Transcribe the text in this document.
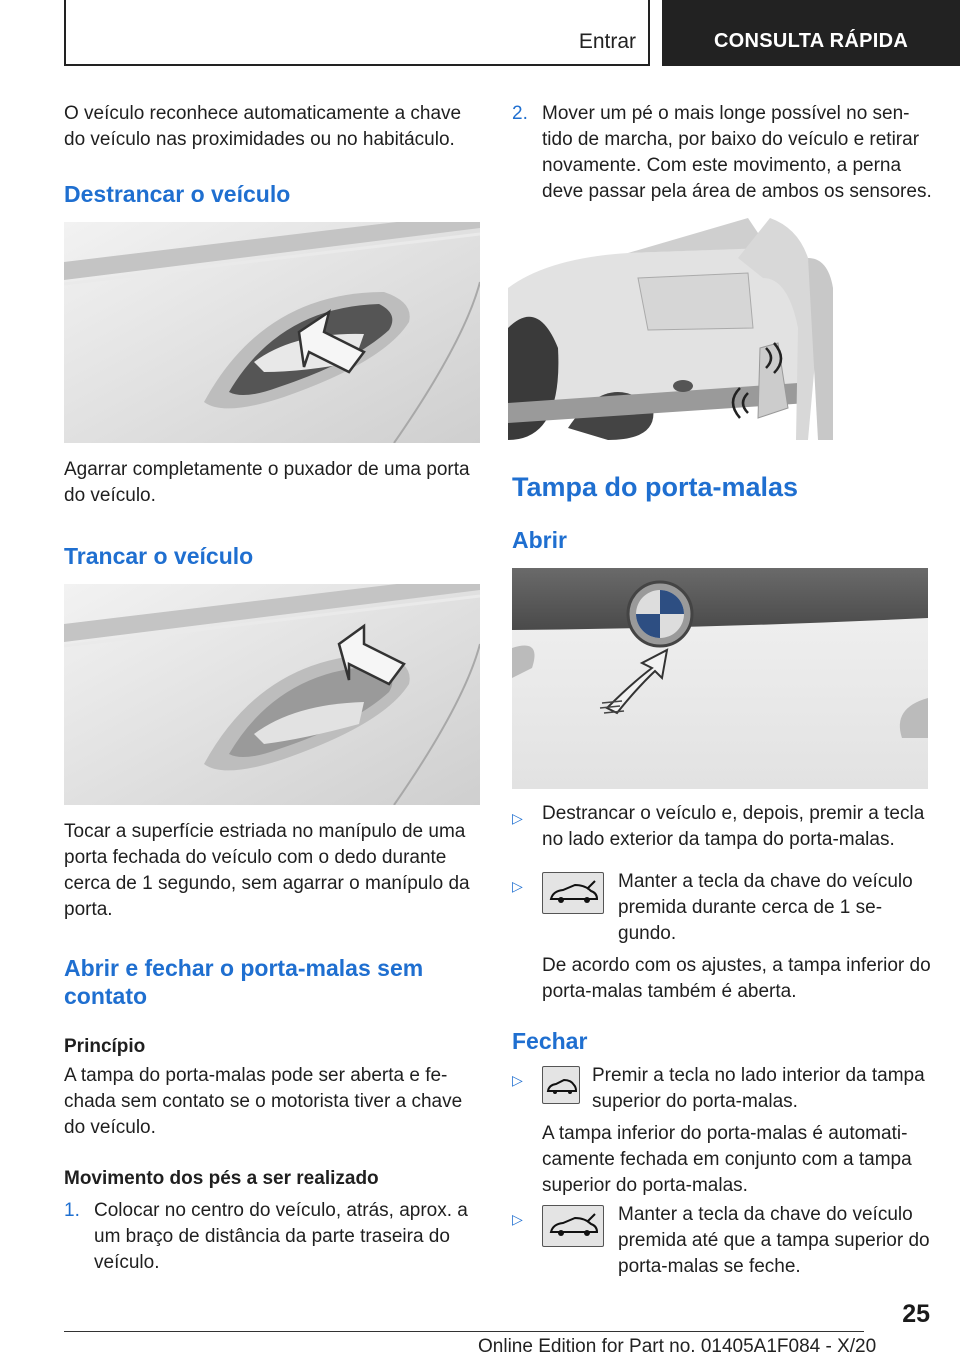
Entrar	CONSULTA RÁPIDA
O veículo reconhece automaticamente a chave do veículo nas proximidades ou no habitáculo.
Destrancar o veículo
Agarrar completamente o puxador de uma porta do veículo.
Trancar o veículo
Tocar a superfície estriada no manípulo de uma porta fechada do veículo com o dedo durante cerca de 1 segundo, sem agarrar o manípulo da porta.
Abrir e fechar o porta-malas sem contato
Princípio
A tampa do porta-malas pode ser aberta e fe-chada sem contato se o motorista tiver a chave do veículo.
Movimento dos pés a ser realizado
1. Colocar no centro do veículo, atrás, aprox. a um braço de distância da parte traseira do veículo.
2. Mover um pé o mais longe possível no sen-tido de marcha, por baixo do veículo e retirar novamente. Com este movimento, a perna deve passar pela área de ambos os sensores.
Tampa do porta-malas
Abrir
▷ Destrancar o veículo e, depois, premir a tecla no lado exterior da tampa do porta-malas.
▷	Manter a tecla da chave do veículo premida durante cerca de 1 se-gundo.
De acordo com os ajustes, a tampa inferior do porta-malas também é aberta.
Fechar
▷	Premir a tecla no lado interior da tampa superior do porta-malas.
A tampa inferior do porta-malas é automati-camente fechada em conjunto com a tampa superior do porta-malas.
▷	Manter a tecla da chave do veículo premida até que a tampa superior do porta-malas se feche.
25
Online Edition for Part no. 01405A1F084 - X/20
